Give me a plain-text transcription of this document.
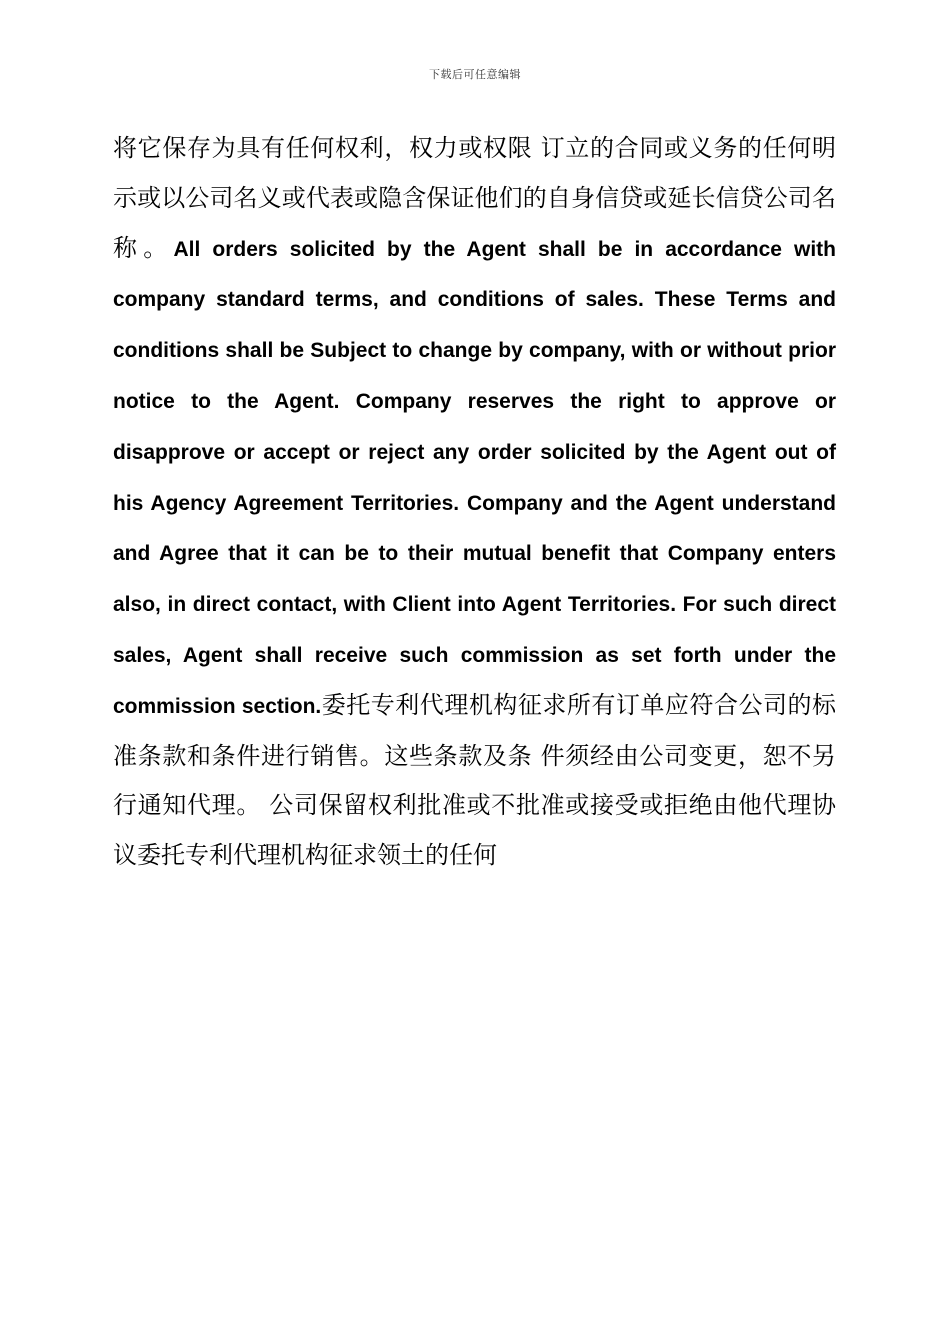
下载后可任意编辑

将它保存为具有任何权利，权力或权限 订立的合同或义务的任何明示或以公司名义或代表或隐含保证他们的自身信贷或延长信贷公司名称。All orders solicited by the Agent shall be in accordance with company standard terms, and conditions of sales. These Terms and conditions shall be Subject to change by company, with or without prior notice to the Agent. Company reserves the right to approve or disapprove or accept or reject any order solicited by the Agent out of his Agency Agreement Territories. Company and the Agent understand and Agree that it can be to their mutual benefit that Company enters also, in direct contact, with Client into Agent Territories. For such direct sales, Agent shall receive such commission as set forth under the commission section.委托专利代理机构征求所有订单应符合公司的标准条款和条件进行销售。这些条款及条 件须经由公司变更，恕不另行通知代理。 公司保留权利批准或不批准或接受或拒绝由他代理协议委托专利代理机构征求领土的任何
